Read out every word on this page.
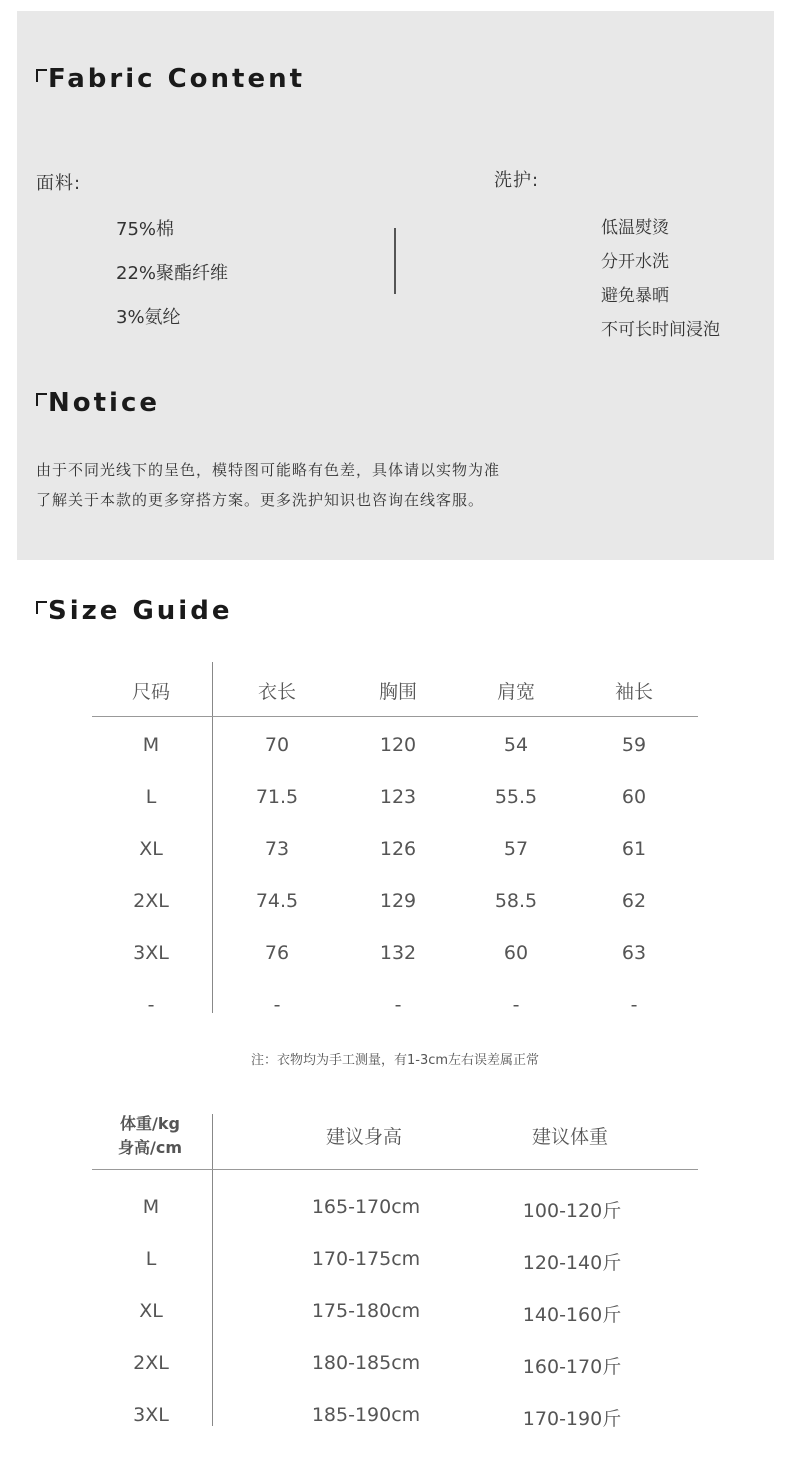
Fabric Content
面料:
75%棉
22%聚酯纤维
3%氨纶
洗护:
低温熨烫
分开水洗
避免暴晒
不可长时间浸泡
Notice
由于不同光线下的呈色，模特图可能略有色差，具体请以实物为准
了解关于本款的更多穿搭方案。更多洗护知识也咨询在线客服。
Size Guide
尺码	衣长	胸围	肩宽	袖长
M	70	120	54	59
L	71.5	123	55.5	60
XL	73	126	57	61
2XL	74.5	129	58.5	62
3XL	76	132	60	63
-	-	-	-	-
注：衣物均为手工测量，有1-3cm左右误差属正常
体重/kg
身高/cm	建议身高	建议体重
M	165-170cm	100-120斤
L	170-175cm	120-140斤
XL	175-180cm	140-160斤
2XL	180-185cm	160-170斤
3XL	185-190cm	170-190斤
